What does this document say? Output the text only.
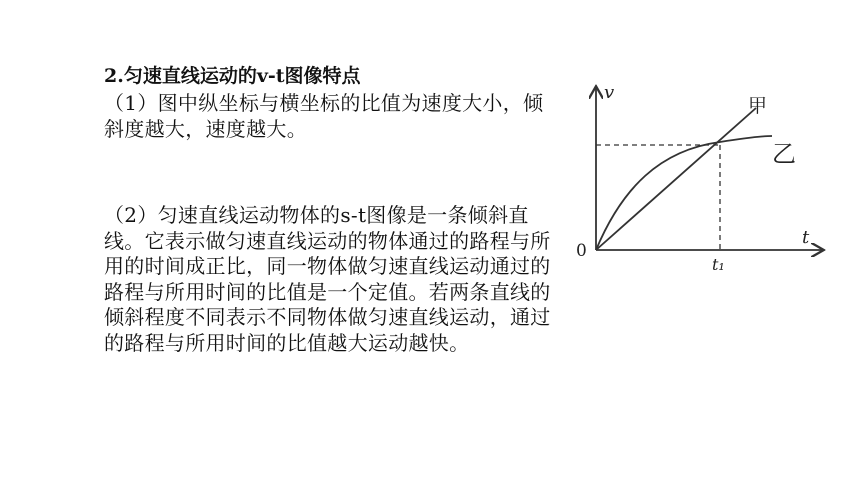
2.匀速直线运动的v-t图像特点

（1）图中纵坐标与横坐标的比值为速度大小，倾斜度越大，速度越大。

（2）匀速直线运动物体的s-t图像是一条倾斜直线。它表示做匀速直线运动的物体通过的路程与所用的时间成正比，同一物体做匀速直线运动通过的路程与所用时间的比值是一个定值。若两条直线的倾斜程度不同表示不同物体做匀速直线运动，通过的路程与所用时间的比值越大运动越快。

v
t
0
t₁
甲
乙
